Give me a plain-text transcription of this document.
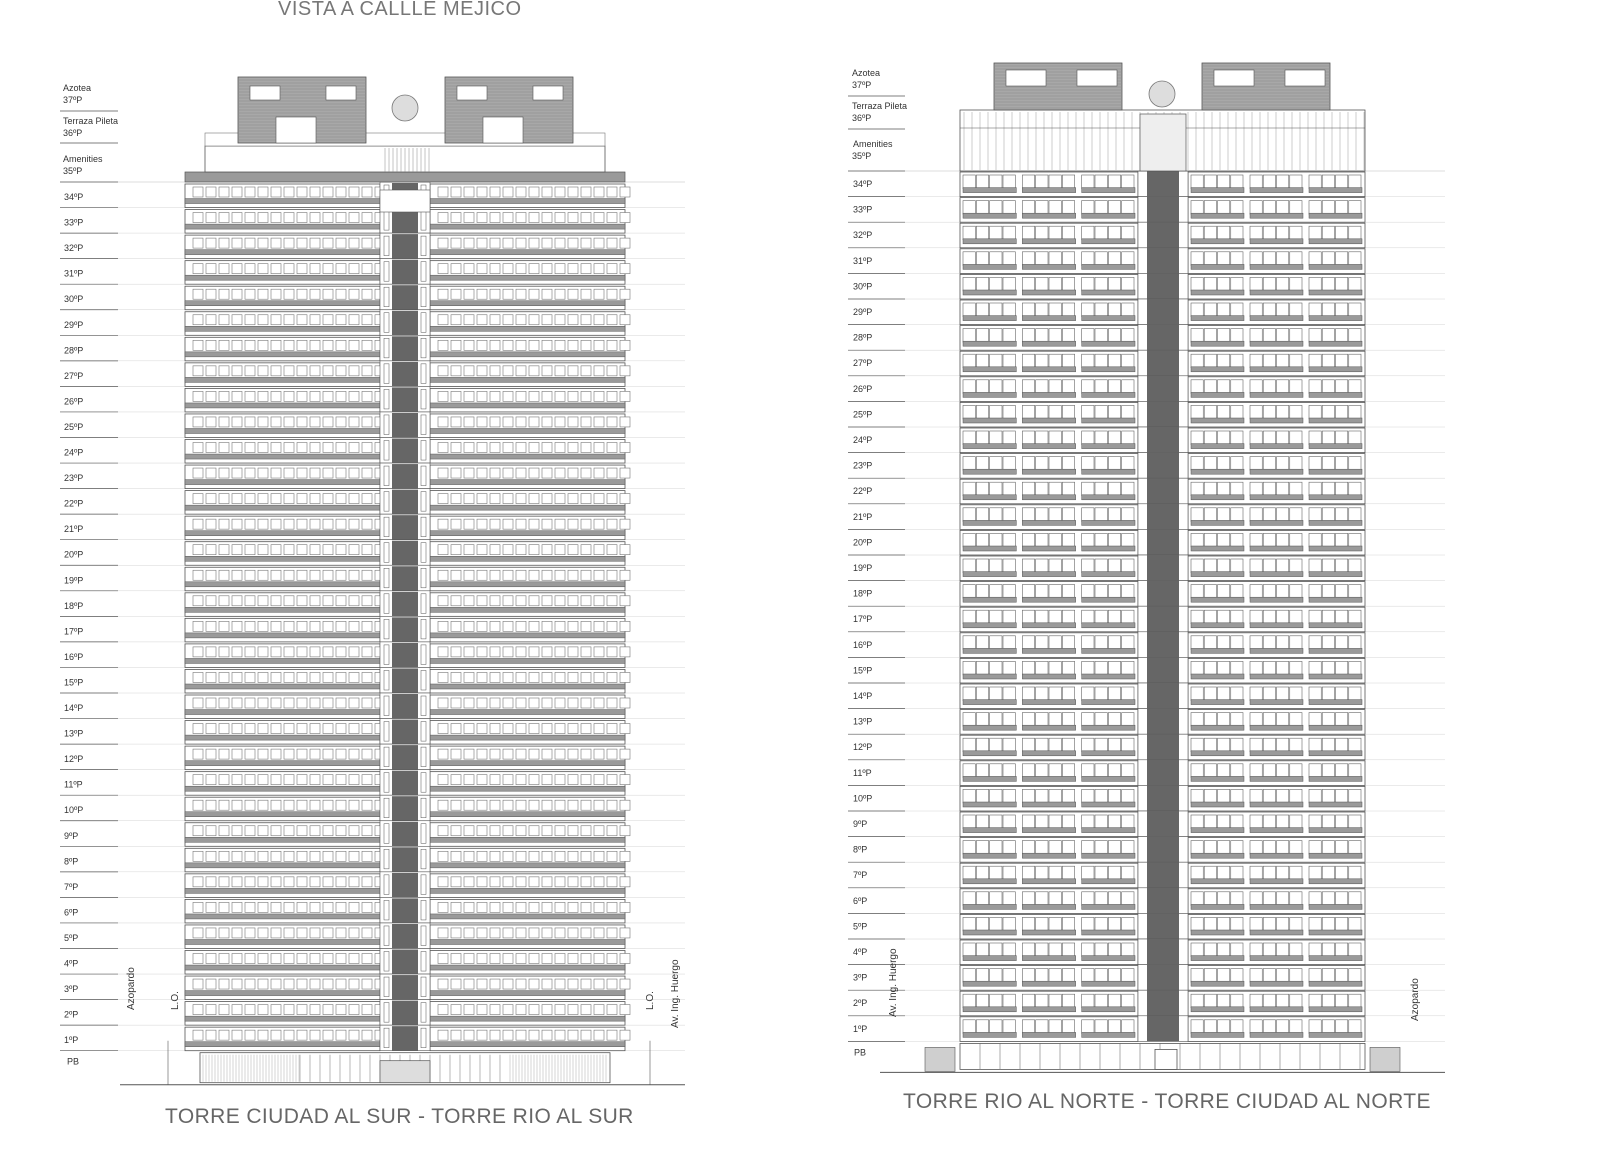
VISTA A CALLLE MEJICO
Azotea
37ºP
Terraza Pileta
36ºP
Amenities
35ºP
34ºP
33ºP
32ºP
31ºP
30ºP
29ºP
28ºP
27ºP
26ºP
25ºP
24ºP
23ºP
22ºP
21ºP
20ºP
19ºP
18ºP
17ºP
16ºP
15ºP
14ºP
13ºP
12ºP
11ºP
10ºP
9ºP
8ºP
7ºP
6ºP
5ºP
4ºP
3ºP
2ºP
1ºP
PB
Azopardo	L.O.	L.O. Av. Ing. Huergo
Azotea
37ºP
Terraza Pileta
36ºP
Amenities
35ºP
34ºP
33ºP
32ºP
31ºP
30ºP
29ºP
28ºP
27ºP
26ºP
25ºP
24ºP
23ºP
22ºP
21ºP
20ºP
19ºP
18ºP
17ºP
16ºP
15ºP
14ºP
13ºP
12ºP
11ºP
10ºP
9ºP
8ºP
7ºP
6ºP
5ºP
4ºP
3ºP
2ºP
1ºP
PB
Av. Ing. Huergo	Azopardo
TORRE CIUDAD AL SUR - TORRE RIO AL SUR
TORRE RIO AL NORTE - TORRE CIUDAD AL NORTE
